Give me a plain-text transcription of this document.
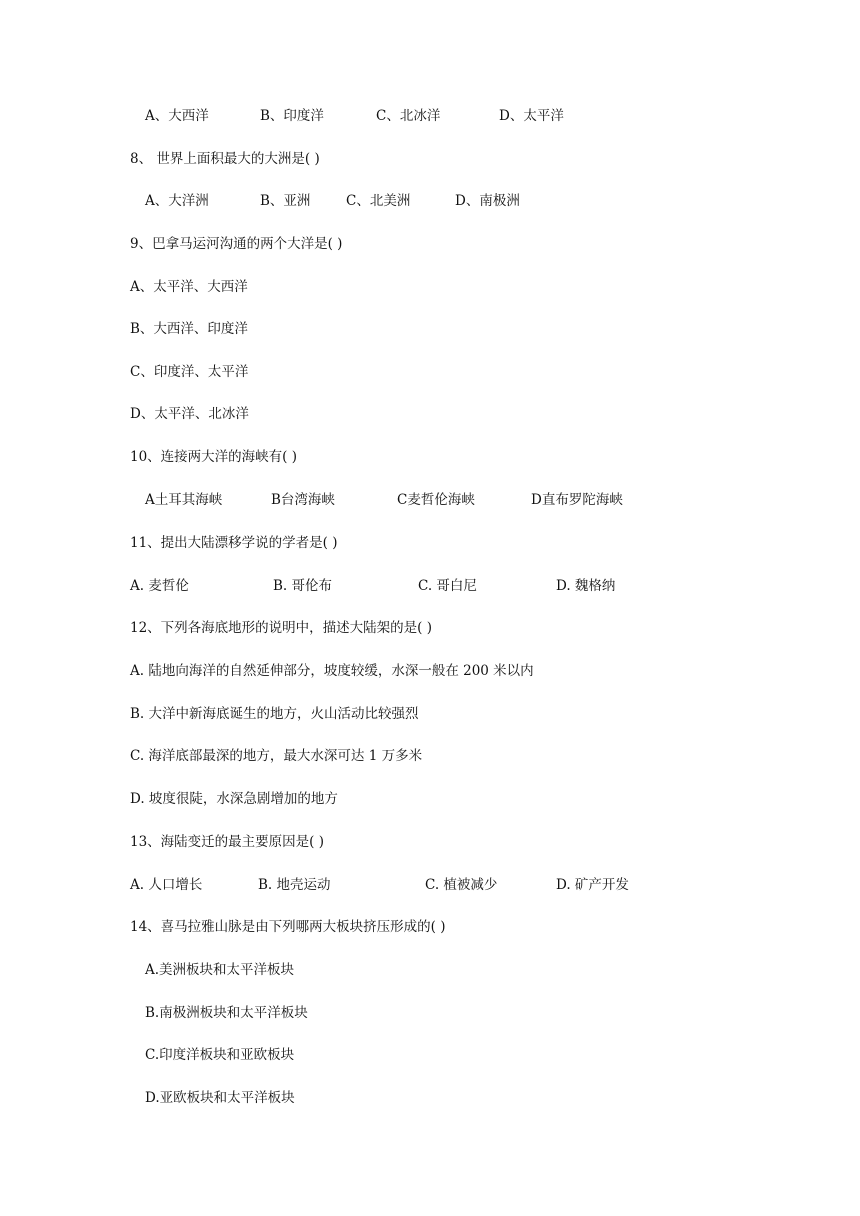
A、大西洋	B、印度洋	C、北冰洋	D、太平洋
8、 世界上面积最大的大洲是( )
A、大洋洲	B、亚洲	C、北美洲	D、南极洲
9、巴拿马运河沟通的两个大洋是( )
A、太平洋、大西洋
B、大西洋、印度洋
C、印度洋、太平洋
D、太平洋、北冰洋
10、连接两大洋的海峡有( )
A土耳其海峡	B台湾海峡	C麦哲伦海峡	D直布罗陀海峡
11、提出大陆漂移学说的学者是( )
A. 麦哲伦	B. 哥伦布	C. 哥白尼	D. 魏格纳
12、下列各海底地形的说明中，描述大陆架的是( )
A. 陆地向海洋的自然延伸部分，坡度较缓，水深一般在 200 米以内
B. 大洋中新海底诞生的地方，火山活动比较强烈
C. 海洋底部最深的地方，最大水深可达 1 万多米
D. 坡度很陡，水深急剧增加的地方
13、海陆变迁的最主要原因是( )
A. 人口增长	B. 地壳运动	C. 植被减少	D. 矿产开发
14、喜马拉雅山脉是由下列哪两大板块挤压形成的( )
A.美洲板块和太平洋板块
B.南极洲板块和太平洋板块
C.印度洋板块和亚欧板块
D.亚欧板块和太平洋板块
